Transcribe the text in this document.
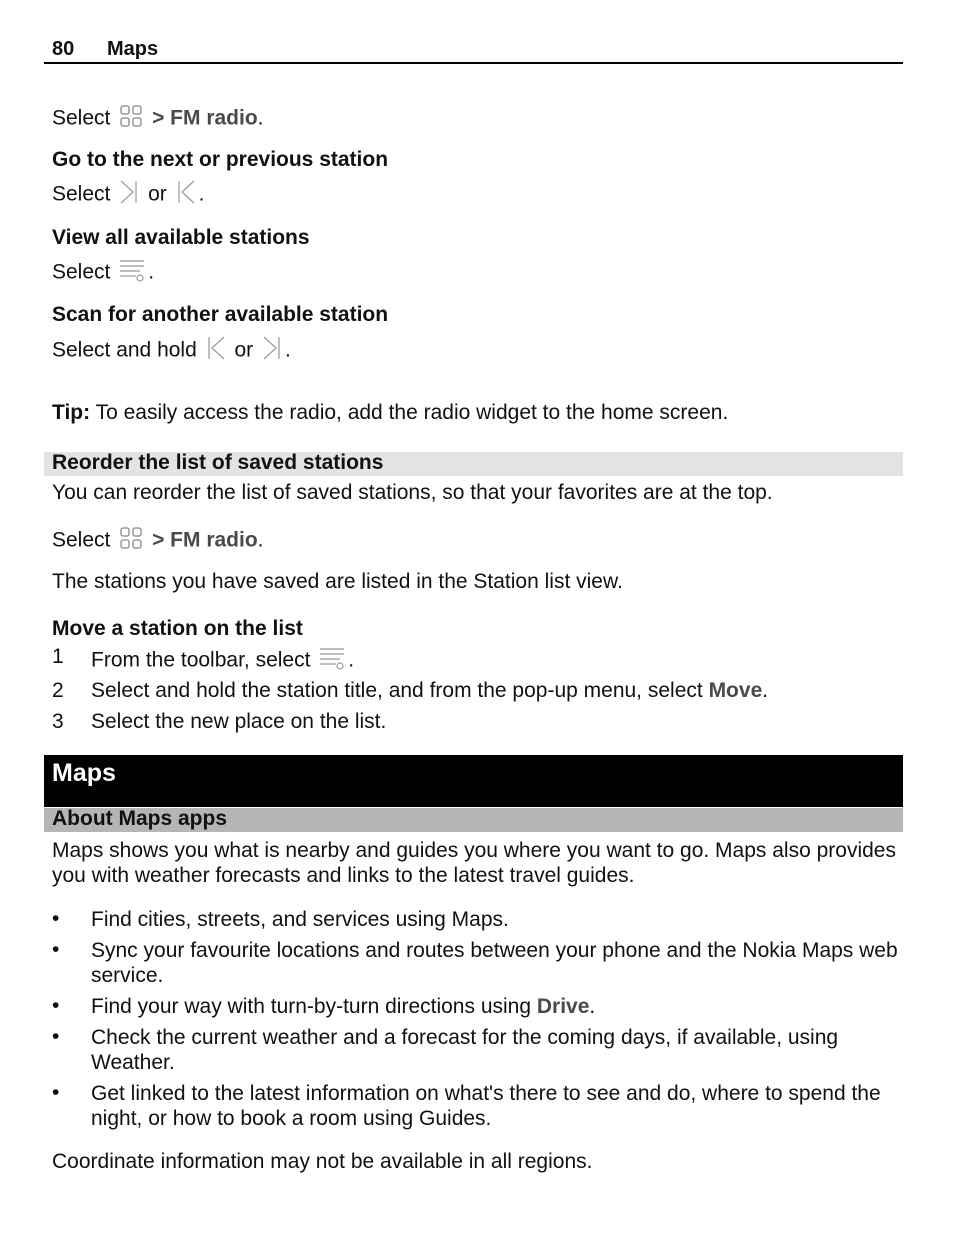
80 Maps
Select > FM radio.
Go to the next or previous station
Select or .
View all available stations
Select .
Scan for another available station
Select and hold or .
Tip: To easily access the radio, add the radio widget to the home screen.
Reorder the list of saved stations
You can reorder the list of saved stations, so that your favorites are at the top.
Select > FM radio.
The stations you have saved are listed in the Station list view.
Move a station on the list
1 From the toolbar, select .
2 Select and hold the station title, and from the pop-up menu, select Move.
3 Select the new place on the list.
Maps
About Maps apps
Maps shows you what is nearby and guides you where you want to go. Maps also provides you with weather forecasts and links to the latest travel guides.
• Find cities, streets, and services using Maps.
• Sync your favourite locations and routes between your phone and the Nokia Maps web service.
• Find your way with turn-by-turn directions using Drive.
• Check the current weather and a forecast for the coming days, if available, using Weather.
• Get linked to the latest information on what's there to see and do, where to spend the night, or how to book a room using Guides.
Coordinate information may not be available in all regions.
